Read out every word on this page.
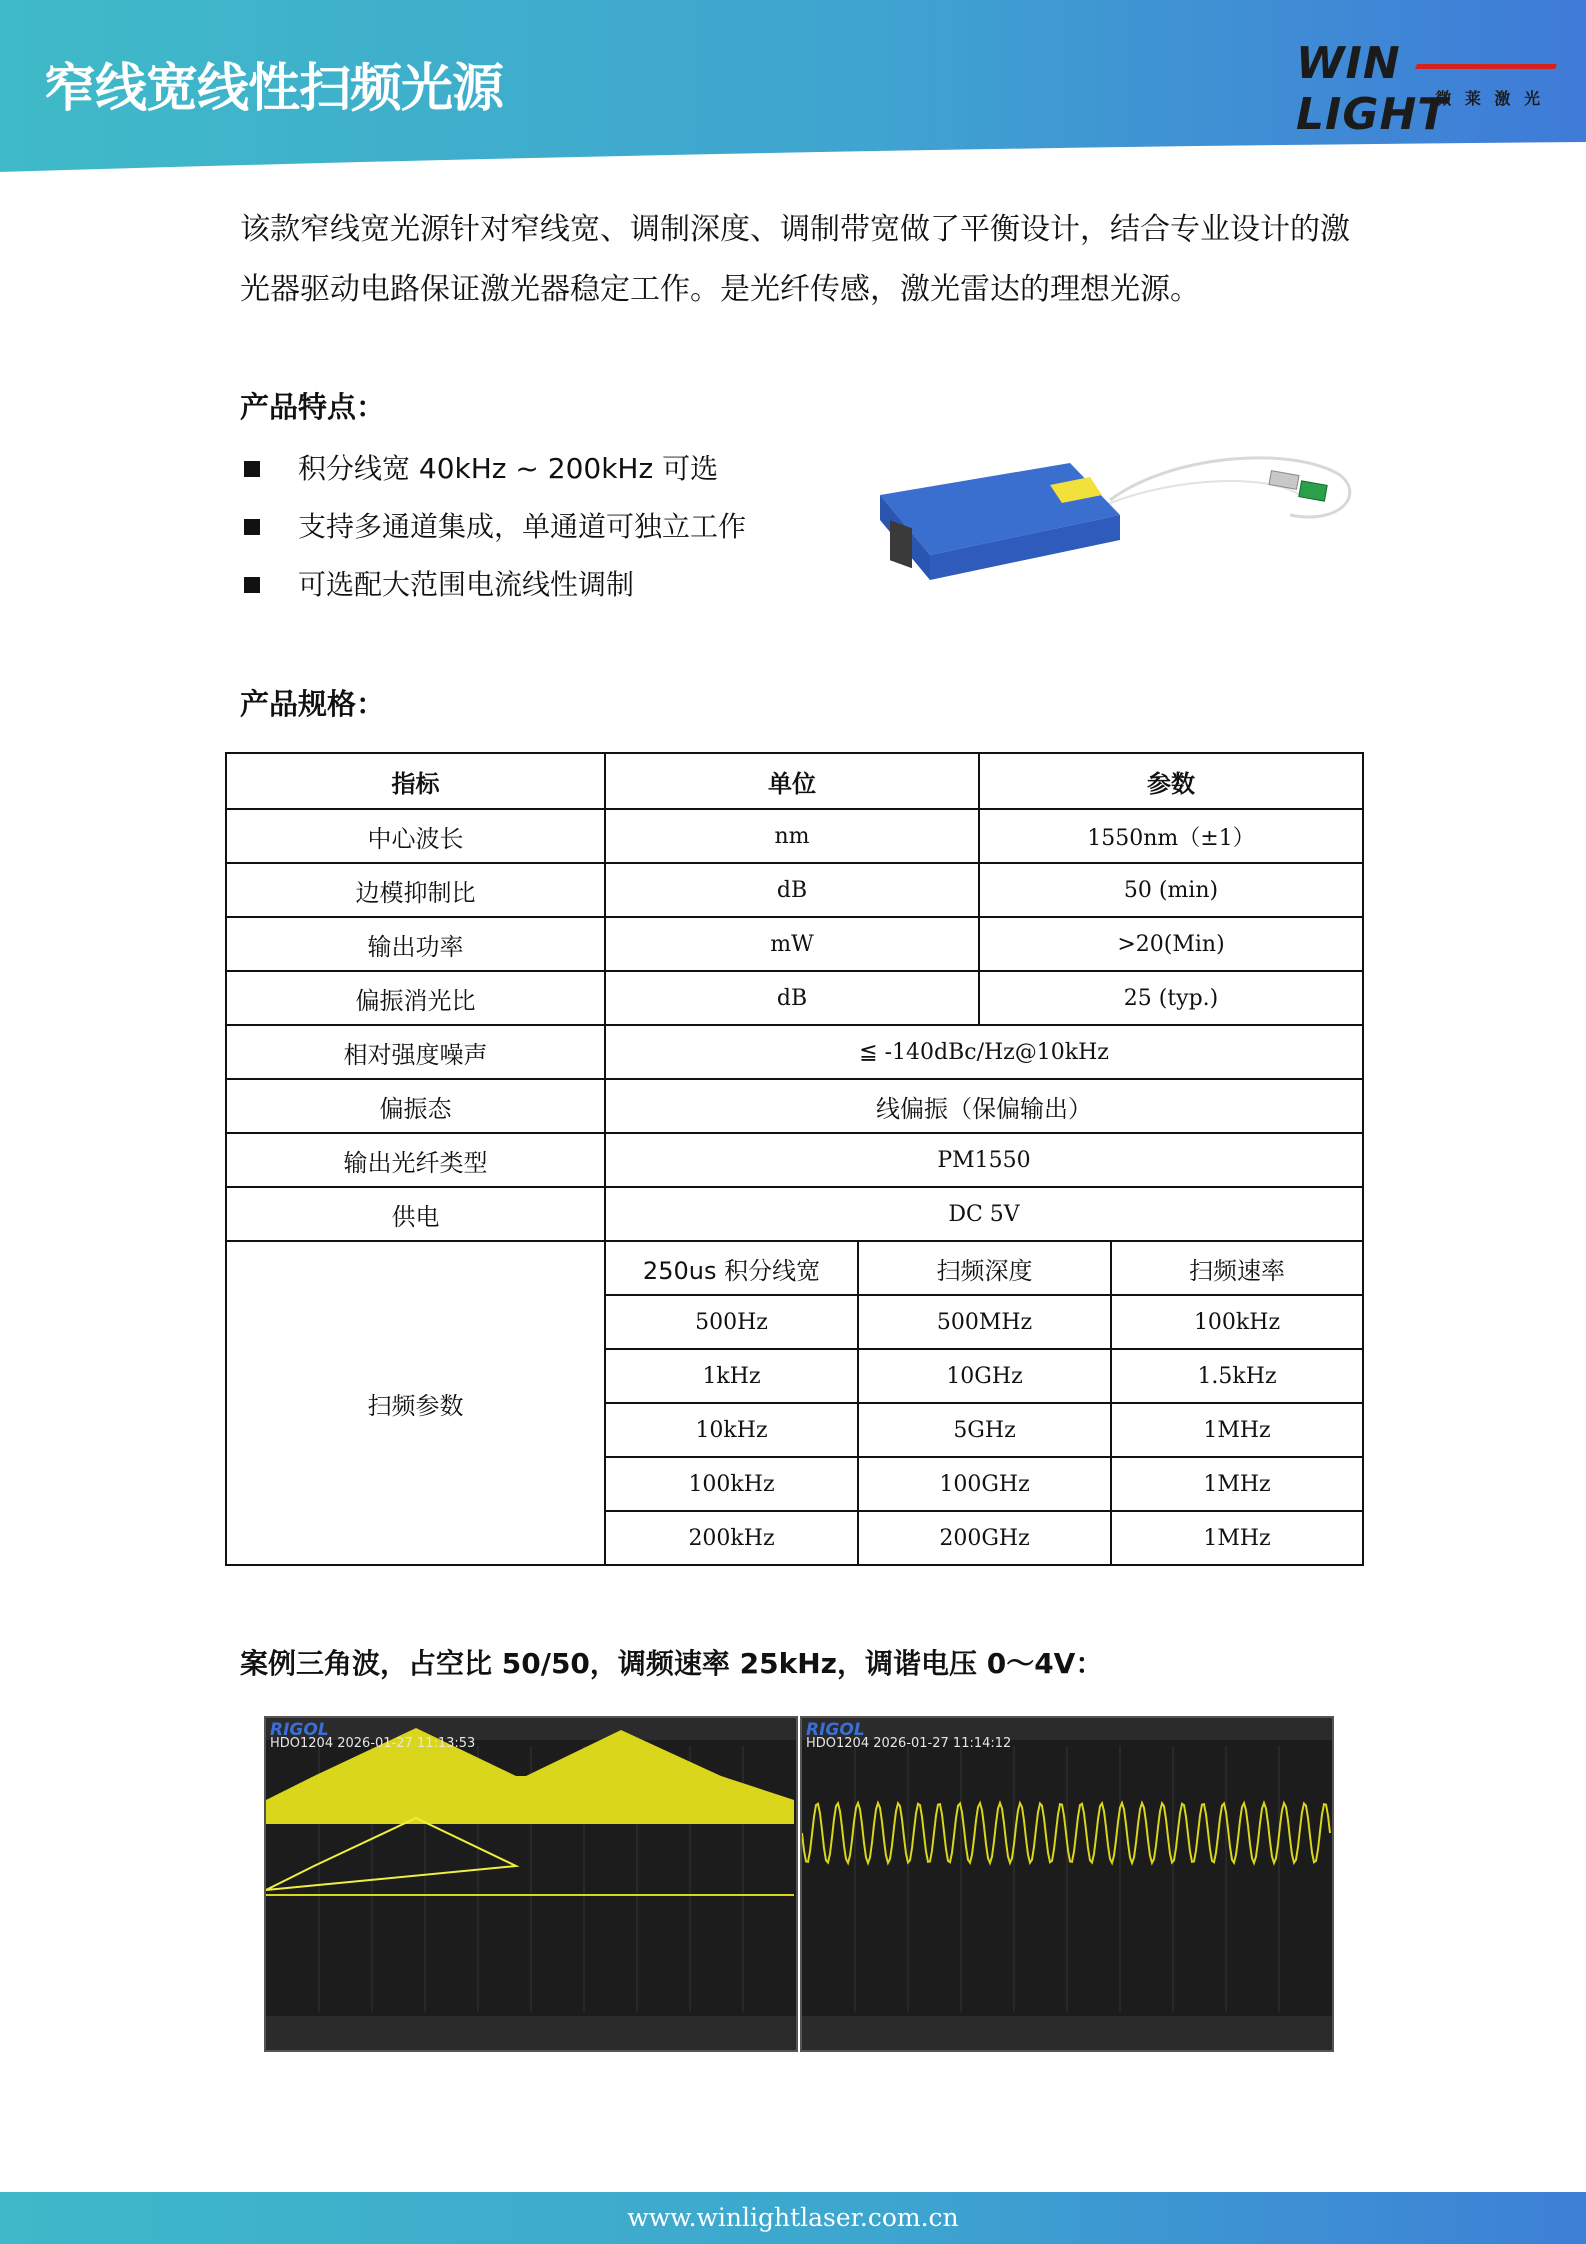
窄线宽线性扫频光源	WIN LIGHT
微 莱 激 光
该款窄线宽光源针对窄线宽、调制深度、调制带宽做了平衡设计，结合专业设计的激光器驱动电路保证激光器稳定工作。是光纤传感，激光雷达的理想光源。
产品特点：
积分线宽 40kHz ~ 200kHz 可选
支持多通道集成，单通道可独立工作
可选配大范围电流线性调制
产品规格：
指标	单位		参数	
中心波长	nm		1550nm（±1）	
边模抑制比	dB		50 (min)	
输出功率	mW		>20(Min)	
偏振消光比	dB		25 (typ.)	
相对强度噪声	≦ -140dBc/Hz@10kHz			
偏振态	线偏振（保偏输出）			
输出光纤类型	PM1550			
供电	DC 5V			
扫频参数	250us 积分线宽	扫频深度		扫频速率
	500Hz	500MHz		100kHz
	1kHz	10GHz		1.5kHz
	10kHz	5GHz		1MHz
	100kHz	100GHz		1MHz
	200kHz	200GHz		1MHz
案例三角波，占空比 50/50，调频速率 25kHz，调谐电压 0～4V：
RIGOL
HDO1204 2026-01-27 11:13:53
RIGOL
HDO1204 2026-01-27 11:14:12
www.winlightlaser.com.cn
